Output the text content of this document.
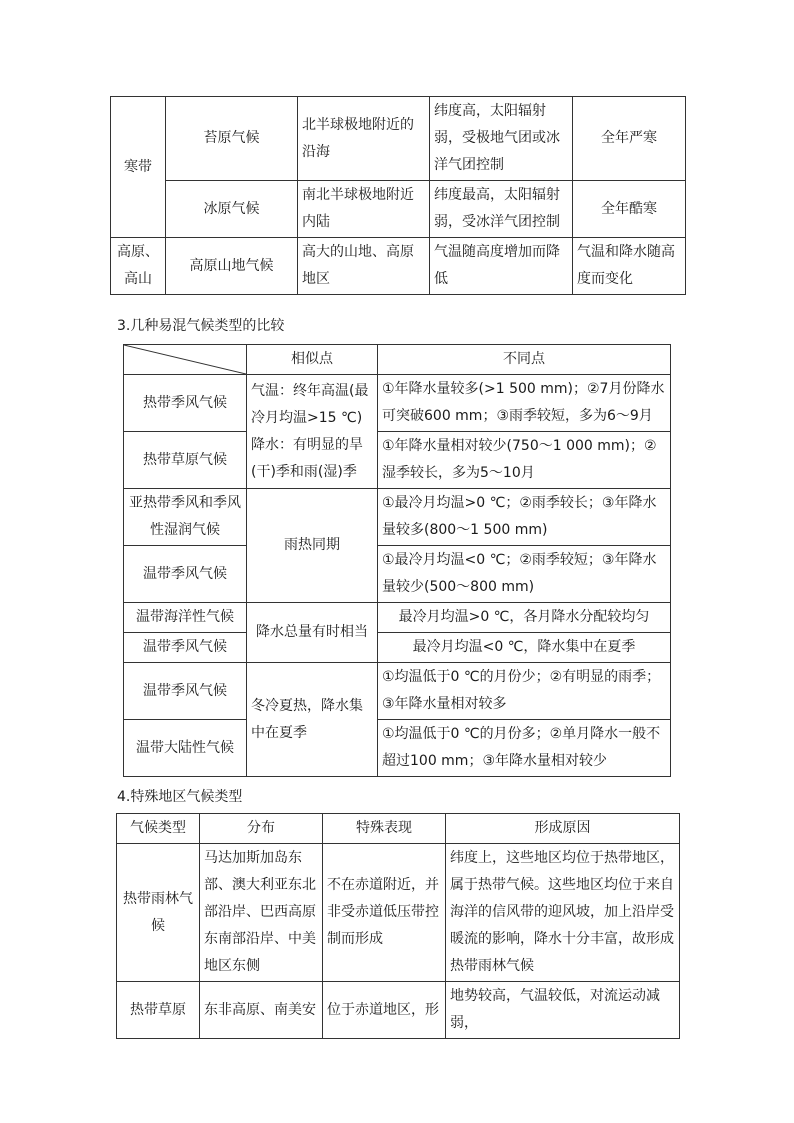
寒带	苔原气候	北半球极地附近的沿海	纬度高，太阳辐射弱，受极地气团或冰洋气团控制	全年严寒
	冰原气候	南北半球极地附近内陆	纬度最高，太阳辐射弱，受冰洋气团控制	全年酷寒
高原、高山	高原山地气候	高大的山地、高原地区	气温随高度增加而降低	气温和降水随高度而变化
3.几种易混气候类型的比较
	相似点	不同点
热带季风气候	气温：终年高温(最冷月均温>15 ℃)降水：有明显的旱(干)季和雨(湿)季	①年降水量较多(>1 500 mm)；②7月份降水可突破600 mm；③雨季较短，多为6～9月
热带草原气候		①年降水量相对较少(750～1 000 mm)；②湿季较长，多为5～10月
亚热带季风和季风性湿润气候	雨热同期	①最冷月均温>0 ℃；②雨季较长；③年降水量较多(800～1 500 mm)
温带季风气候		①最冷月均温<0 ℃；②雨季较短；③年降水量较少(500～800 mm)
温带海洋性气候	降水总量有时相当	最冷月均温>0 ℃，各月降水分配较均匀
温带季风气候		最冷月均温<0 ℃，降水集中在夏季
温带季风气候	冬冷夏热，降水集中在夏季	①均温低于0 ℃的月份少；②有明显的雨季；③年降水量相对较多
温带大陆性气候		①均温低于0 ℃的月份多；②单月降水一般不超过100 mm；③年降水量相对较少
4.特殊地区气候类型
气候类型	分布	特殊表现	形成原因
热带雨林气候	马达加斯加岛东部、澳大利亚东北部沿岸、巴西高原东南部沿岸、中美地区东侧	不在赤道附近，并非受赤道低压带控制而形成	纬度上，这些地区均位于热带地区，属于热带气候。这些地区均位于来自海洋的信风带的迎风坡，加上沿岸受暖流的影响，降水十分丰富，故形成热带雨林气候
热带草原	东非高原、南美安	位于赤道地区，形	地势较高，气温较低，对流运动减弱，
